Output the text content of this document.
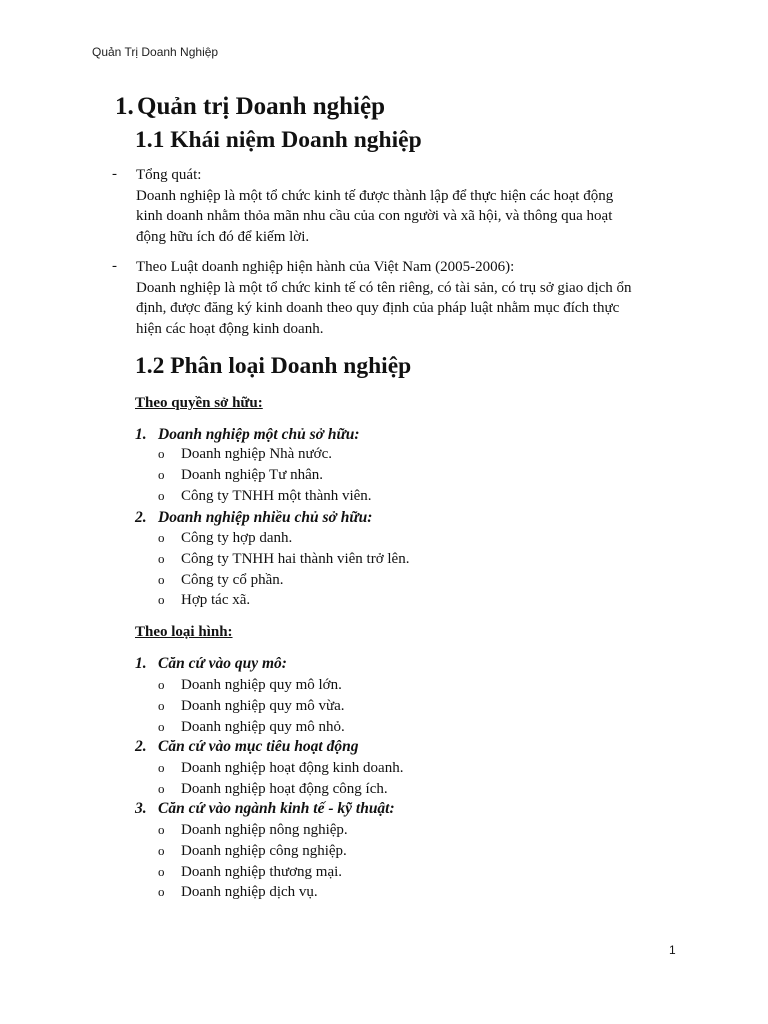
Quản Trị Doanh Nghiệp
1. Quản trị Doanh nghiệp
1.1 Khái niệm Doanh nghiệp
- Tổng quát:
Doanh nghiệp là một tổ chức kinh tế được thành lập để thực hiện các hoạt động
kinh doanh nhằm thỏa mãn nhu cầu của con người và xã hội, và thông qua hoạt
động hữu ích đó để kiếm lời.
- Theo Luật doanh nghiệp hiện hành của Việt Nam (2005-2006):
Doanh nghiệp là một tổ chức kinh tế có tên riêng, có tài sản, có trụ sở giao dịch ổn
định, được đăng ký kinh doanh theo quy định của pháp luật nhằm mục đích thực
hiện các hoạt động kinh doanh.
1.2 Phân loại Doanh nghiệp
Theo quyền sở hữu:
1. Doanh nghiệp một chủ sở hữu:
o Doanh nghiệp Nhà nước.
o Doanh nghiệp Tư nhân.
o Công ty TNHH một thành viên.
2. Doanh nghiệp nhiều chủ sở hữu:
o Công ty hợp danh.
o Công ty TNHH hai thành viên trở lên.
o Công ty cổ phần.
o Hợp tác xã.
Theo loại hình:
1. Căn cứ vào quy mô:
o Doanh nghiệp quy mô lớn.
o Doanh nghiệp quy mô vừa.
o Doanh nghiệp quy mô nhỏ.
2. Căn cứ vào mục tiêu hoạt động
o Doanh nghiệp hoạt động kinh doanh.
o Doanh nghiệp hoạt động công ích.
3. Căn cứ vào ngành kinh tế - kỹ thuật:
o Doanh nghiệp nông nghiệp.
o Doanh nghiệp công nghiệp.
o Doanh nghiệp thương mại.
o Doanh nghiệp dịch vụ.
1
